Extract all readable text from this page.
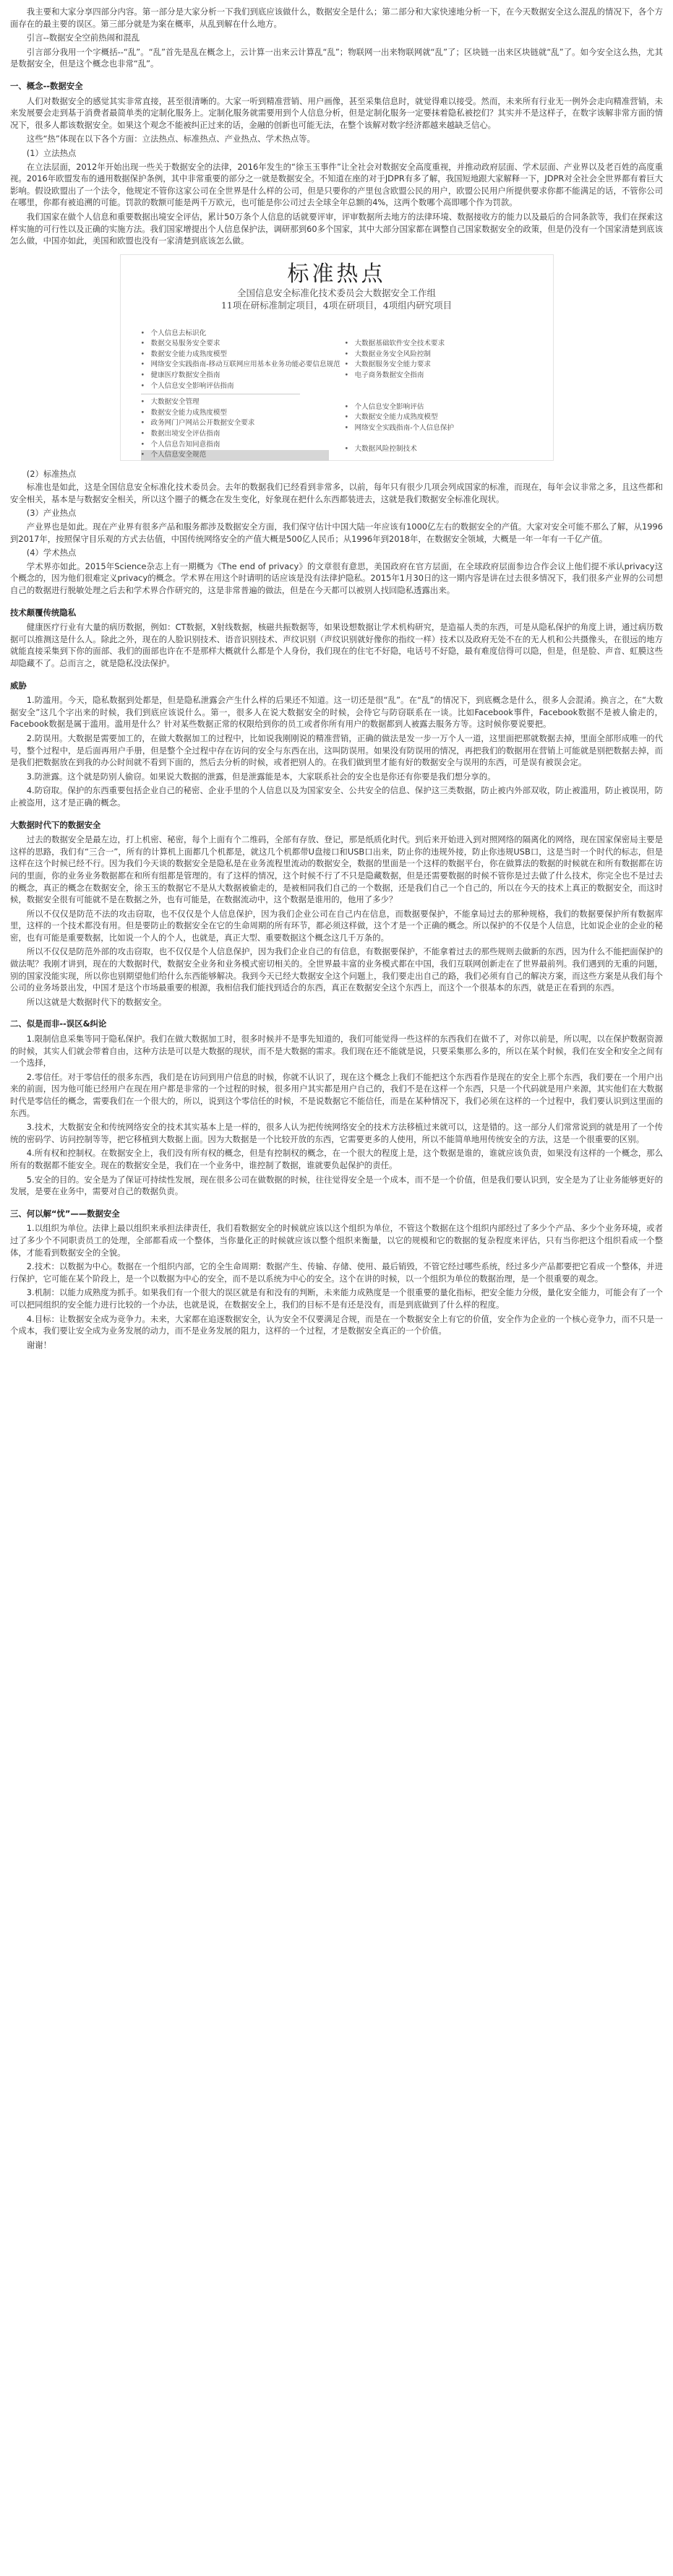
我主要和大家分享四部分内容。第一部分是大家分析一下我们到底应该做什么，数据安全是什么；第二部分和大家快速地分析一下，在今天数据安全这么混乱的情况下，各个方面存在的最主要的误区。第三部分就是为案在概率，从乱到解在什么地方。

引言--数据安全空前热闹和混乱

引言部分我用一个字概括--“乱”。“乱”首先是乱在概念上，云计算一出来云计算乱“乱”；物联网一出来物联网就“乱”了；区块链一出来区块链就“乱”了。如今安全这么热，尤其是数据安全，但是这个概念也非常“乱”。

一、概念--数据安全

人们对数据安全的感觉其实非常直接，甚至很清晰的。大家一听到精准营销、用户画像，甚至采集信息时，就觉得难以接受。然而，未来所有行业无一例外会走向精准营销，未来发展要会走到基于消费者最简单类的定制化服务上。定制化服务就需要用到个人信息分析，但是定制化服务一定要抹着隐私被挖们？其实并不是这样子，在数字该解非常方面的情况下，很多人都该数据安全。如果这个观念不能被纠正过来的话，金融的创新也可能无法，在整个该解对数字经济都越来越缺乏信心。

这些“热”体现在以下各个方面：立法热点、标准热点、产业热点、学术热点等。

(1）立法热点

在立法层面，2012年开始出现一些关于数据安全的法律，2016年发生的“徐玉玉事件”让全社会对数据安全高度重视，并推动政府层面、学术层面、产业界以及老百姓的高度重视。2016年欧盟发布的通用数据保护条例，其中非常重要的部分之一就是数据安全。不知道在座的对于JDPR有多了解，我国短地跟大家解释一下，JDPR对全社会全世界都有着巨大影响。假设欧盟出了一个法令，他规定不管你这家公司在全世界是什么样的公司，但是只要你的产里包含欧盟公民的用户，欧盟公民用户所提供要求你都不能满足的话，不管你公司在哪里，你都有被追溯的可能。罚款的数额可能是两千万欧元，也可能是你公司过去全球全年总额的4%，这两个数哪个高即哪个作为罚款。

我们国家在做个人信息和重要数据出境安全评估，累计50万条个人信息的话就要评审，评审数据所去地方的法律环境、数据接收方的能力以及最后的合同条款等，我们在探索这样实施的可行性以及正确的实施方法。我们国家增提出个人信息保护法，调研那到60多个国家，其中大部分国家都在调整自己国家数据安全的政策，但是仍没有一个国家清楚到底该怎么做，中国亦如此，美国和欧盟也没有一家清楚到底该怎么做。

标准热点
全国信息安全标准化技术委员会大数据安全工作组
11项在研标准制定项目，4项在研项目，4项组内研究项目
• 个人信息去标识化
• 数据交易服务安全要求
• 数据安全能力成熟度模型
• 网络安全实践指南-移动互联网应用基本业务功能必要信息规范
• 健康医疗数据安全指南
• 个人信息安全影响评估指南
• 大数据安全管理
• 数据安全能力成熟度模型
• 政务网门户网站公开数据安全要求
• 数据出境安全评估指南
• 个人信息告知同意指南
• 个人信息安全规范

• 大数据基础软件安全技术要求
• 大数据业务安全风险控制
• 大数据服务安全能力要求
• 电子商务数据安全指南

• 个人信息安全影响评估
• 大数据安全能力成熟度模型
• 网络安全实践指南-个人信息保护

• 大数据风险控制技术

(2）标准热点

标准也是如此，这是全国信息安全标准化技术委员会。去年的数据我们已经看到非常多，以前，每年只有很少几项会列成国家的标准，而现在，每年会议非常之多，且这些都和安全相关，基本是与数据安全相关，所以这个圈子的概念在发生变化，好象现在把什么东西都装进去，这就是我们数据安全标准化现状。

(3）产业热点

产业界也是如此。现在产业界有很多产品和服务都涉及数据安全方面，我们保守估计中国大陆一年应该有1000亿左右的数据安全的产值。大家对安全可能不那么了解，从1996到2017年，按照保守目乐观的方式去估值，中国传统网络安全的产值大概是500亿人民币；从1996年到2018年，在数据安全领域，大概是一年一年有一千亿产值。

(4）学术热点

学术界亦如此。2015年Science杂志上有一期概为《The end of privacy》的文章很有意思，美国政府在官方层面，在全球政府层面参边合作会议上他们提不承认privacy这个概念的，因为他们很难定义privacy的概念。学术界在用这个时请明的话应该是没有法律护隐私。2015年1月30日的这一期内容是讲在过去很多情况下，我们很多产业界的公司想自己的数据进行脱敏处理之后去和学术界合作研究的，这是非常普遍的做法，但是在今天都可以被别人找回隐私透露出来。

技术颠覆传统隐私

健康医疗行业有大量的病历数据，例如：CT数据，X射线数据，核磁共振数据等，如果设想数据让学术机构研究，是造福人类的东西，可是从隐私保护的角度上讲，通过病历数据可以推测这是什么人。除此之外，现在的人脸识别技术、语音识别技术、声纹识别（声纹识别就好像你的指纹一样）技术以及政府无处不在的无人机和公共摄像头，在很远的地方就能直接采集到下你的面部、我们的面部也许在不是那样大概就什么都是个人身份，我们现在的住宅不好隐，电话号不好隐，最有难度信得可以隐，但是，但是脸、声音、虹膜这些却隐藏不了。总而言之，就是隐私没法保护。

威胁

1.防滥用。今天，隐私数据到处都是，但是隐私泄露会产生什么样的后果还不知道。这一切还是很“乱”。在“乱”的情况下，到底概念是什么，很多人会混淆。换言之，在“大数据安全”这几个字出来的时候，我们到底应该说什么。第一，很多人在说大数据安全的时候，会待它与防窃联系在一谈。比如Facebook事件，Facebook数据不是被人偷走的，Facebook数据是属于滥用。滥用是什么？针对某些数据正常的权限给到你的员工或者你所有用户的数据都到人被露去服务方等。这时候你要说要把。

2.防误用。大数据是需要加工的，在做大数据加工的过程中，比如说我刚刚说的精准营销，正确的做法是发一步一万个人一道，这里面把那就数据去掉，里面全部形成唯一的代号，整个过程中，是后面再用户手册，但是整个全过程中存在访问的安全与东西在出，这叫防误用。如果没有防误用的情况，再把我们的数据用在营销上可能就是别把数据去掉，而是我们把数据放在到我的办公时间就不看到下面的，然后去分析的时候，或者把别人的。在我们做到里才能有好的数据安全与误用的东西，可是误有被误会定。

3.防泄露。这个就是防别人偷窃。如果说大数据的泄露，但是泄露能是本，大家联系社会的安全也是你还有你要是我们想分享的。

4.防窃取。保护的东西重要包括企业自己的秘密、企业手里的个人信息以及为国家安全、公共安全的信息、保护这三类数据，防止被内外部双收，防止被滥用，防止被误用，防止被盗用，这才是正确的概念。

大数据时代下的数据安全

过去的数据安全是最左边，打上机密、秘密，每个上面有个二维码，全部有存放、登记，那是纸质化时代。到后来开始进入到对照网络的隔离化的网络，现在国家保密局主要是这样的思路，我们有“三合一”，所有的计算机上面都几个机都是，就这几个机都带U盘接口和USB口出来，防止你的违规外接，防止你违规USB口，这是当时一个时代的标志，但是这样在这个时候已经不行。因为我们今天谈的数据安全是隐私是在业务流程里流动的数据安全，数据的里面是一个这样的数据平台，你在做算法的数据的时候就在和所有数据都在访问的里面，你的业务业务数据都在和所有组都是管理的。有了这样的情况，这个时候不行了不只是隐藏数据，但是还需要数据的时候不管你是过去做了什么技术，你完全也不是过去的概念，真正的概念在数据安全，徐玉玉的数据它不是从大数据被偷走的，是被相同我们自己的一个数据，还是我们自己一个自己的，所以在今天的技术上真正的数据安全，而这时候，数据安全很有可能就不是在数据之外，也有可能是，在数据流动中，这个数据是谁用的，他用了多少？

所以不仅仅是防范不法的攻击窃取，也不仅仅是个人信息保护，因为我们企业公司在自己内在信息，而数据要保护，不能拿局过去的那种规格，我们的数据要保护所有数据库里，这样的一个技术都没有用。但是要防止的数据安全在它的生命周期的所有环节，都必须这样做，这个才是一个正确的概念。所以保护的不仅是个人信息，比如说企业的企业的秘密，也有可能是重要数据，比如说一个人的个人，也就是，真正大型、重要数据这个概念这几千万条的。

所以不仅仅是防范外部的攻击窃取，也不仅仅是个人信息保护，因为我们企业自己的有信息，有数据要保护，不能拿着过去的那些规则去做新的东西，因为什么不能把面保护的做法呢？我刚才讲到，现在的大数据时代，数据安全业务和业务模式密切相关的。全世界最丰富的业务模式都在中国，我们互联网创新走在了世界最前列。我们遇到的无重的问题，别的国家没能实现，所以你也别期望他们给什么东西能够解决。我到今天已经大数据安全这个问题上，我们要走出自己的路，我们必须有自己的解决方案，而这些方案是从我们每个公司的业务场景出发，中国才是这个市场最重要的根源，我相信我们能找到适合的东西，真正在数据安全这个东西上，而这个一个很基本的东西，就是正在看到的东西。

所以这就是大数据时代下的数据安全。

二、似是而非--误区&纠论

1.限制信息采集等同于隐私保护。我们在做大数据加工时，很多时候并不是事先知道的，我们可能觉得一些这样的东西我们在做不了，对你以前是，所以呢，以在保护数据资源的时候，其实人们就会带着自由，这种方法是可以是大数据的现状，而不是大数据的需求。我们现在还不能就是说，只要采集那么多的，所以在某个时候，我们在安全和安全之间有一个选择，

2.零信任。对于零信任的很多东西，我们是在访问到用户信息的时候，你就不认识了，现在这个概念上我们不能把这个东西看作是现在的安全上那个东西，我们要在一个用户出来的前面，因为他可能已经用户在现在用户都是非常的一个过程的时候，很多用户其实都是用户自己的，我们不是在这样一个东西，只是一个代码就是用户来源，其实他们在大数据时代是零信任的概念，需要我们在一个很大的，所以，说到这个零信任的时候，不是说数据它不能信任，而是在某种情况下，我们必须在这样的一个过程中，我们要认识到这里面的东西。

3.技术，大数据安全和传统网络安全的技术其实基本上是一样的，很多人认为把传统网络安全的技术方法移植过来就可以，这是错的。这一部分人们常常说到的就是用了一个传统的密码学、访问控制等等，把它移植到大数据上面。因为大数据是一个比较开放的东西，它需要更多的人使用，所以不能简单地用传统安全的方法，这是一个很重要的区别。

4.所有权和控制权。在数据安全上，我们没有所有权的概念，但是有控制权的概念，在一个很大的程度上是，这个数据是谁的，谁就应该负责，如果没有这样的一个概念，那么所有的数据都不能安全。现在的数据安全是，我们在一个业务中，谁控制了数据，谁就要负起保护的责任。

5.安全的目的。安全是为了保证可持续性发展，现在很多公司在做数据的时候，往往觉得安全是一个成本，而不是一个价值，但是我们要认识到，安全是为了让业务能够更好的发展，是要在业务中，需要对自己的数据负责。

三、何以解“忧”——数据安全

1.以组织为单位。法律上最以组织来承担法律责任，我们看数据安全的时候就应该以这个组织为单位，不管这个数据在这个组织内部经过了多少个产品、多少个业务环境，或者过了多少个不同职责员工的处理，全部都看成一个整体，当你量化正的时候就应该以整个组织来衡量，以它的规模和它的数据的复杂程度来评估，只有当你把这个组织看成一个整体，才能看到数据安全的全貌。

2.技术：以数据为中心。数据在一个组织内部，它的全生命周期：数据产生、传输、存储、使用、最后销毁，不管它经过哪些系统，经过多少产品都要把它看成一个整体，并进行保护，它可能在某个阶段上，是一个以数据为中心的安全，而不是以系统为中心的安全。这个在讲的时候，以一个组织为单位的数据治理，是一个很重要的观念。

3.机制：以能力成熟度为抓手。如果我们有一个很大的误区就是有和没有的判断，未来能力成熟度是一个很重要的量化指标，把安全能力分级，量化安全能力，可能会有了一个可以把同组织的安全能力进行比较的一个办法，也就是说，在数据安全上，我们的目标不是有还是没有，而是到底做到了什么样的程度。

4.目标：让数据安全成为竞争力。未来，大家都在追逐数据安全，认为安全不仅要满足合规，而是在一个数据安全上有它的价值，安全作为企业的一个核心竞争力，而不只是一个成本，我们要让安全成为业务发展的动力，而不是业务发展的阻力，这样的一个过程，才是数据安全真正的一个价值。

谢谢！
